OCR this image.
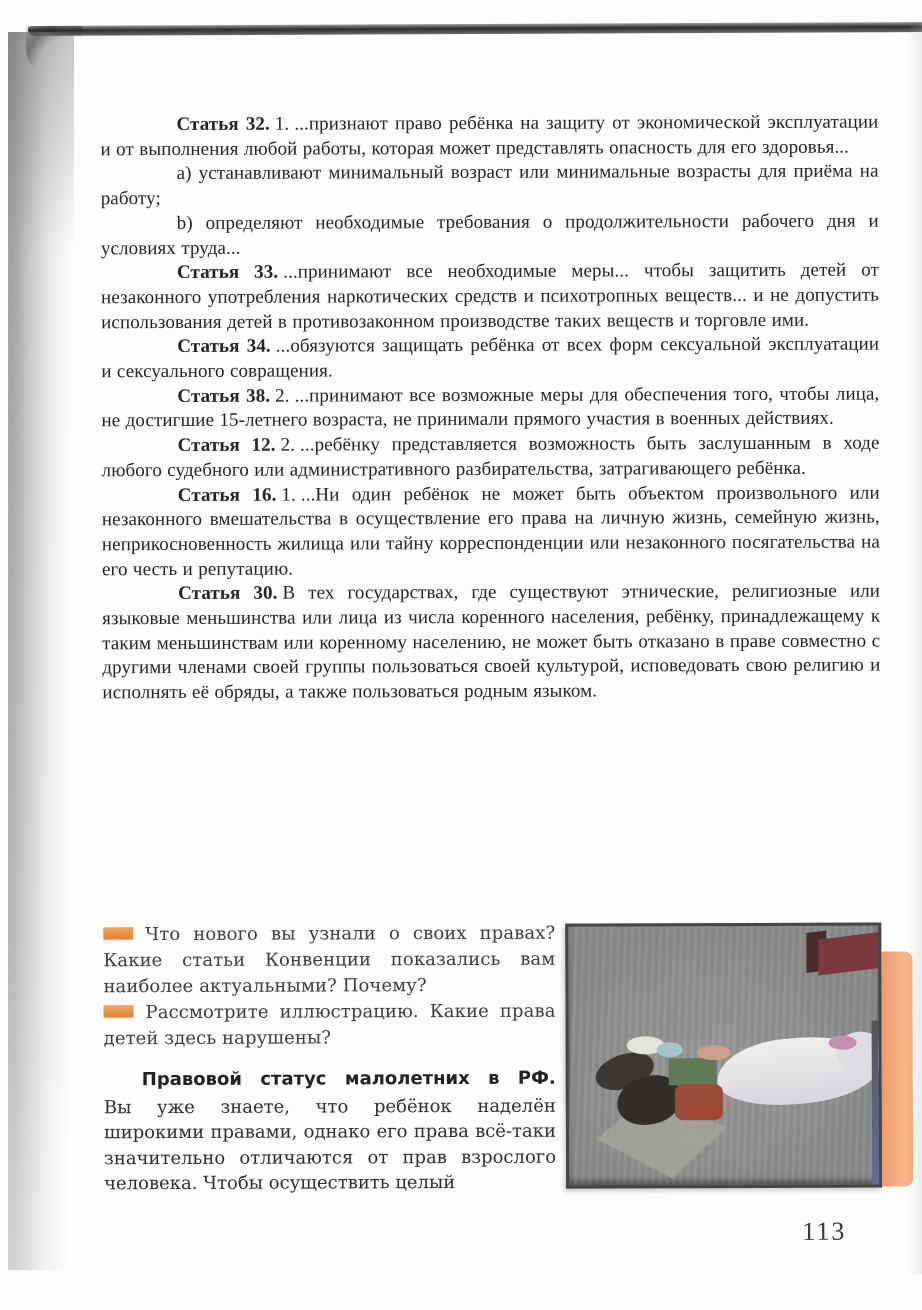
Статья 32. 1. ...признают право ребёнка на защиту от экономической эксплуатации и от выполнения любой работы, которая может представлять опасность для его здоровья...

а) устанавливают минимальный возраст или минимальные возрасты для приёма на работу;

b) определяют необходимые требования о продолжительности рабочего дня и условиях труда...

Статья 33. ...принимают все необходимые меры... чтобы защитить детей от незаконного употребления наркотических средств и психотропных веществ... и не допустить использования детей в противозаконном производстве таких веществ и торговле ими.

Статья 34. ...обязуются защищать ребёнка от всех форм сексуальной эксплуатации и сексуального совращения.

Статья 38. 2. ...принимают все возможные меры для обеспечения того, чтобы лица, не достигшие 15-летнего возраста, не принимали прямого участия в военных действиях.

Статья 12. 2. ...ребёнку представляется возможность быть заслушанным в ходе любого судебного или административного разбирательства, затрагивающего ребёнка.

Статья 16. 1. ...Ни один ребёнок не может быть объектом произвольного или незаконного вмешательства в осуществление его права на личную жизнь, семейную жизнь, неприкосновенность жилища или тайну корреспонденции или незаконного посягательства на его честь и репутацию.

Статья 30. В тех государствах, где существуют этнические, религиозные или языковые меньшинства или лица из числа коренного населения, ребёнку, принадлежащему к таким меньшинствам или коренному населению, не может быть отказано в праве совместно с другими членами своей группы пользоваться своей культурой, исповедовать свою религию и исполнять её обряды, а также пользоваться родным языком.

Что нового вы узнали о своих правах? Какие статьи Конвенции показались вам наиболее актуальными? Почему?

Рассмотрите иллюстрацию. Какие права детей здесь нарушены?

Правовой статус малолетних в РФ.
Вы уже знаете, что ребёнок наделён широкими правами, однако его права всё-таки значительно отличаются от прав взрослого человека. Чтобы осуществить целый

113
